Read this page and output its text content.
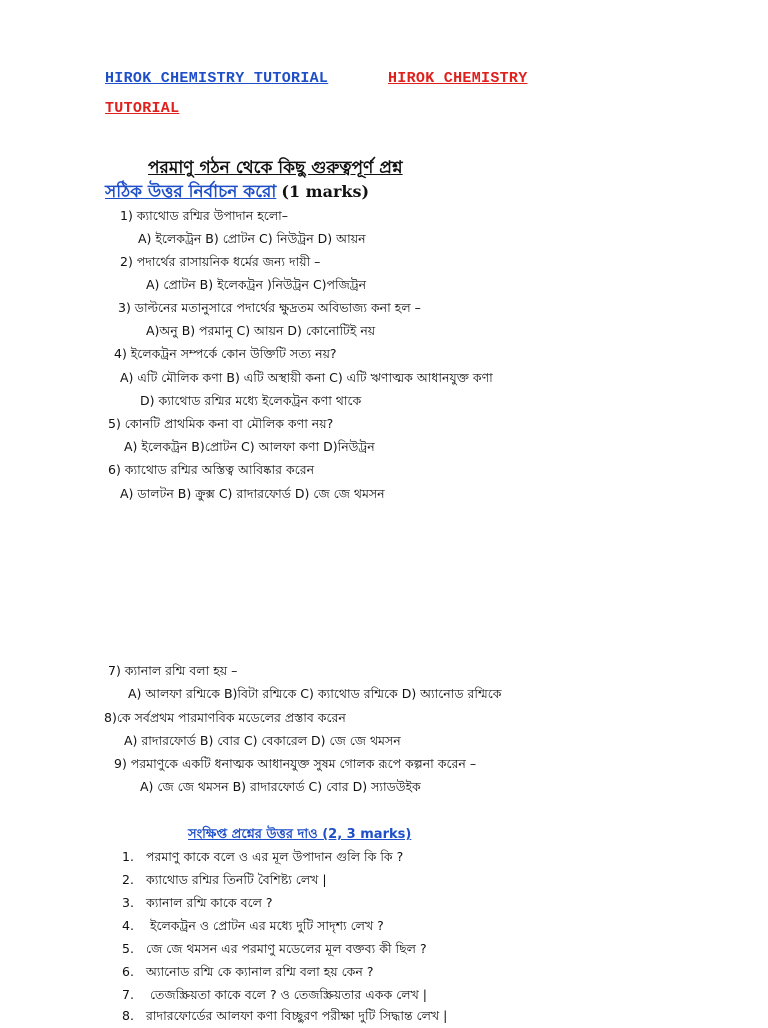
HIROK CHEMISTRY TUTORIAL	HIROK CHEMISTRY
TUTORIAL
পরমাণু গঠন থেকে কিছু গুরুত্বপূর্ণ প্রশ্ন
সঠিক উত্তর নির্বাচন করো (1 marks)
1) ক্যাথোড রশ্মির উপাদান হলো–
A) ইলেকট্রন B) প্রোটন C) নিউট্রন D) আয়ন
2) পদার্থের রাসায়নিক ধর্মের জন্য দায়ী –
A) প্রোটন B) ইলেকট্রন )নিউট্রন C)পজিট্রন
3) ডাল্টনের মতানুসারে পদার্থের ক্ষুদ্রতম অবিভাজ্য কনা হল –
A)অনু B) পরমানু C) আয়ন D) কোনোটিই নয়
4) ইলেকট্রন সম্পর্কে কোন উক্তিটি সত্য নয়?
A) এটি মৌলিক কণা B) এটি অস্থায়ী কনা C) এটি ঋণাত্মক আধানযুক্ত কণা
D) ক্যাথোড রশ্মির মধ্যে ইলেকট্রন কণা থাকে
5) কোনটি প্রাথমিক কনা বা মৌলিক কণা নয়?
A) ইলেকট্রন B)প্রোটন C) আলফা কণা D)নিউট্রন
6) ক্যাথোড রশ্মির অস্তিত্ব আবিষ্কার করেন
A) ডালটন B) ক্রুক্স C) রাদারফোর্ড D) জে জে থমসন
7) ক্যানাল রশ্মি বলা হয় –
A) আলফা রশ্মিকে B)বিটা রশ্মিকে C) ক্যাথোড রশ্মিকে D) অ্যানোড রশ্মিকে
8)কে সর্বপ্রথম পারমাণবিক মডেলের প্রস্তাব করেন
A) রাদারফোর্ড B) বোর C) বেকারেল D) জে জে থমসন
9) পরমাণুকে একটি ধনাত্মক আধানযুক্ত সুষম গোলক রূপে কল্পনা করেন –
A) জে জে থমসন B) রাদারফোর্ড C) বোর D) স্যাডউইক
সংক্ষিপ্ত প্রশ্নের উত্তর দাও (2, 3 marks)
1. পরমাণু কাকে বলে ও এর মূল উপাদান গুলি কি কি ?
2. ক্যাথোড রশ্মির তিনটি বৈশিষ্ট্য লেখ |
3. ক্যানাল রশ্মি কাকে বলে ?
4. ইলেকট্রন ও প্রোটন এর মধ্যে দুটি সাদৃশ্য লেখ ?
5. জে জে থমসন এর পরমাণু মডেলের মূল বক্তব্য কী ছিল ?
6. অ্যানোড রশ্মি কে ক্যানাল রশ্মি বলা হয় কেন ?
7. তেজস্ক্রিয়তা কাকে বলে ? ও তেজস্ক্রিয়তার একক লেখ |
8. রাদারফোর্ডের আলফা কণা বিচ্ছুরণ পরীক্ষা দুটি সিদ্ধান্ত লেখ |
